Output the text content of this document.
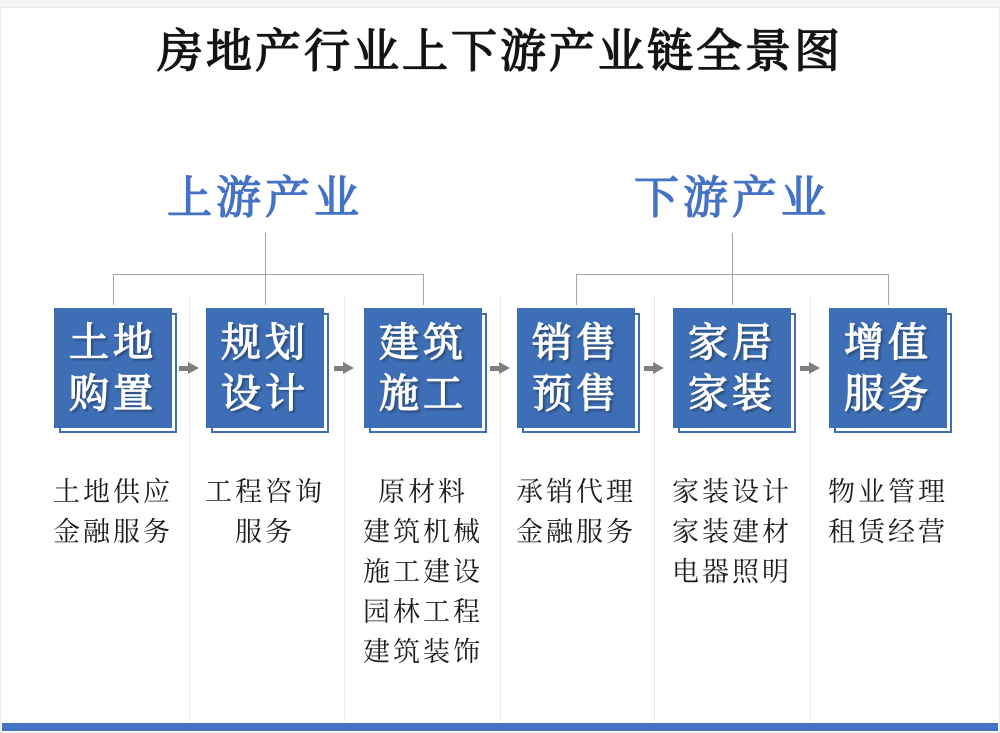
房地产行业上下游产业链全景图
上游产业	下游产业
土地
购置
规划
设计
建筑
施工
销售
预售
家居
家装
增值
服务
土地供应
金融服务
工程咨询
服务
原材料
建筑机械
施工建设
园林工程
建筑装饰
承销代理
金融服务
家装设计
家装建材
电器照明
物业管理
租赁经营
